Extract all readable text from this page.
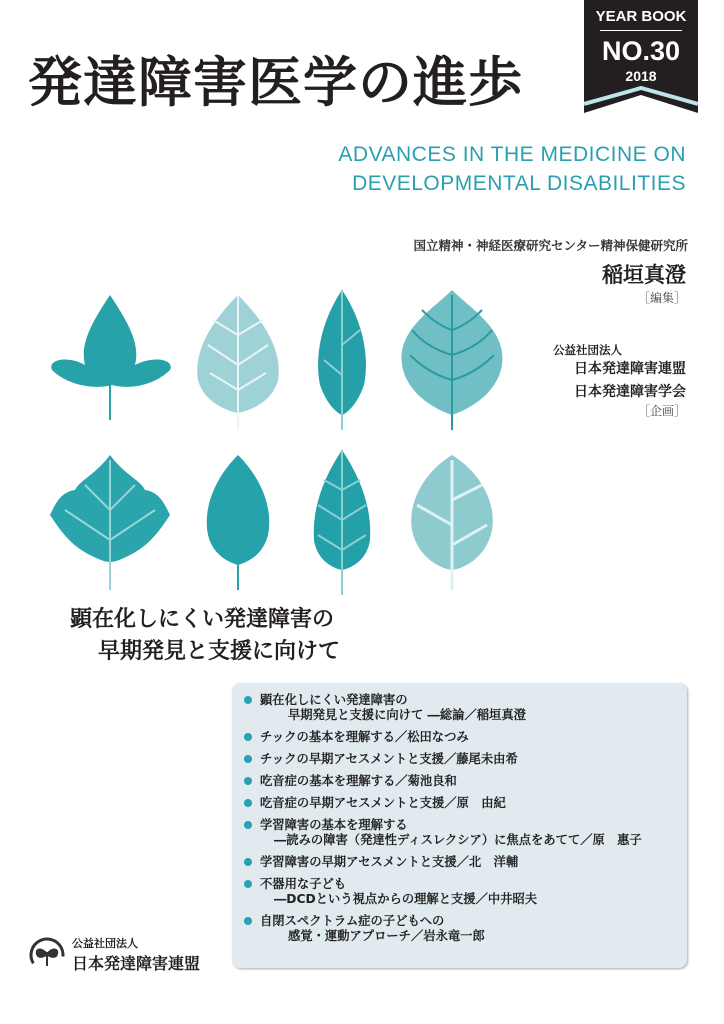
発達障害医学の進歩
YEAR BOOK
NO.30
2018
ADVANCES IN THE MEDICINE ON
DEVELOPMENTAL DISABILITIES
国立精神・神経医療研究センター精神保健研究所
稲垣真澄
［編集］
公益社団法人
日本発達障害連盟
日本発達障害学会
［企画］
顕在化しにくい発達障害の
早期発見と支援に向けて
顕在化しにくい発達障害の
早期発見と支援に向けて ―総論／稲垣真澄
チックの基本を理解する／松田なつみ
チックの早期アセスメントと支援／藤尾未由希
吃音症の基本を理解する／菊池良和
吃音症の早期アセスメントと支援／原　由紀
学習障害の基本を理解する
―読みの障害（発達性ディスレクシア）に焦点をあてて／原　惠子
学習障害の早期アセスメントと支援／北　洋輔
不器用な子ども
―DCDという視点からの理解と支援／中井昭夫
自閉スペクトラム症の子どもへの
感覚・運動アプローチ／岩永竜一郎
公益社団法人
日本発達障害連盟
